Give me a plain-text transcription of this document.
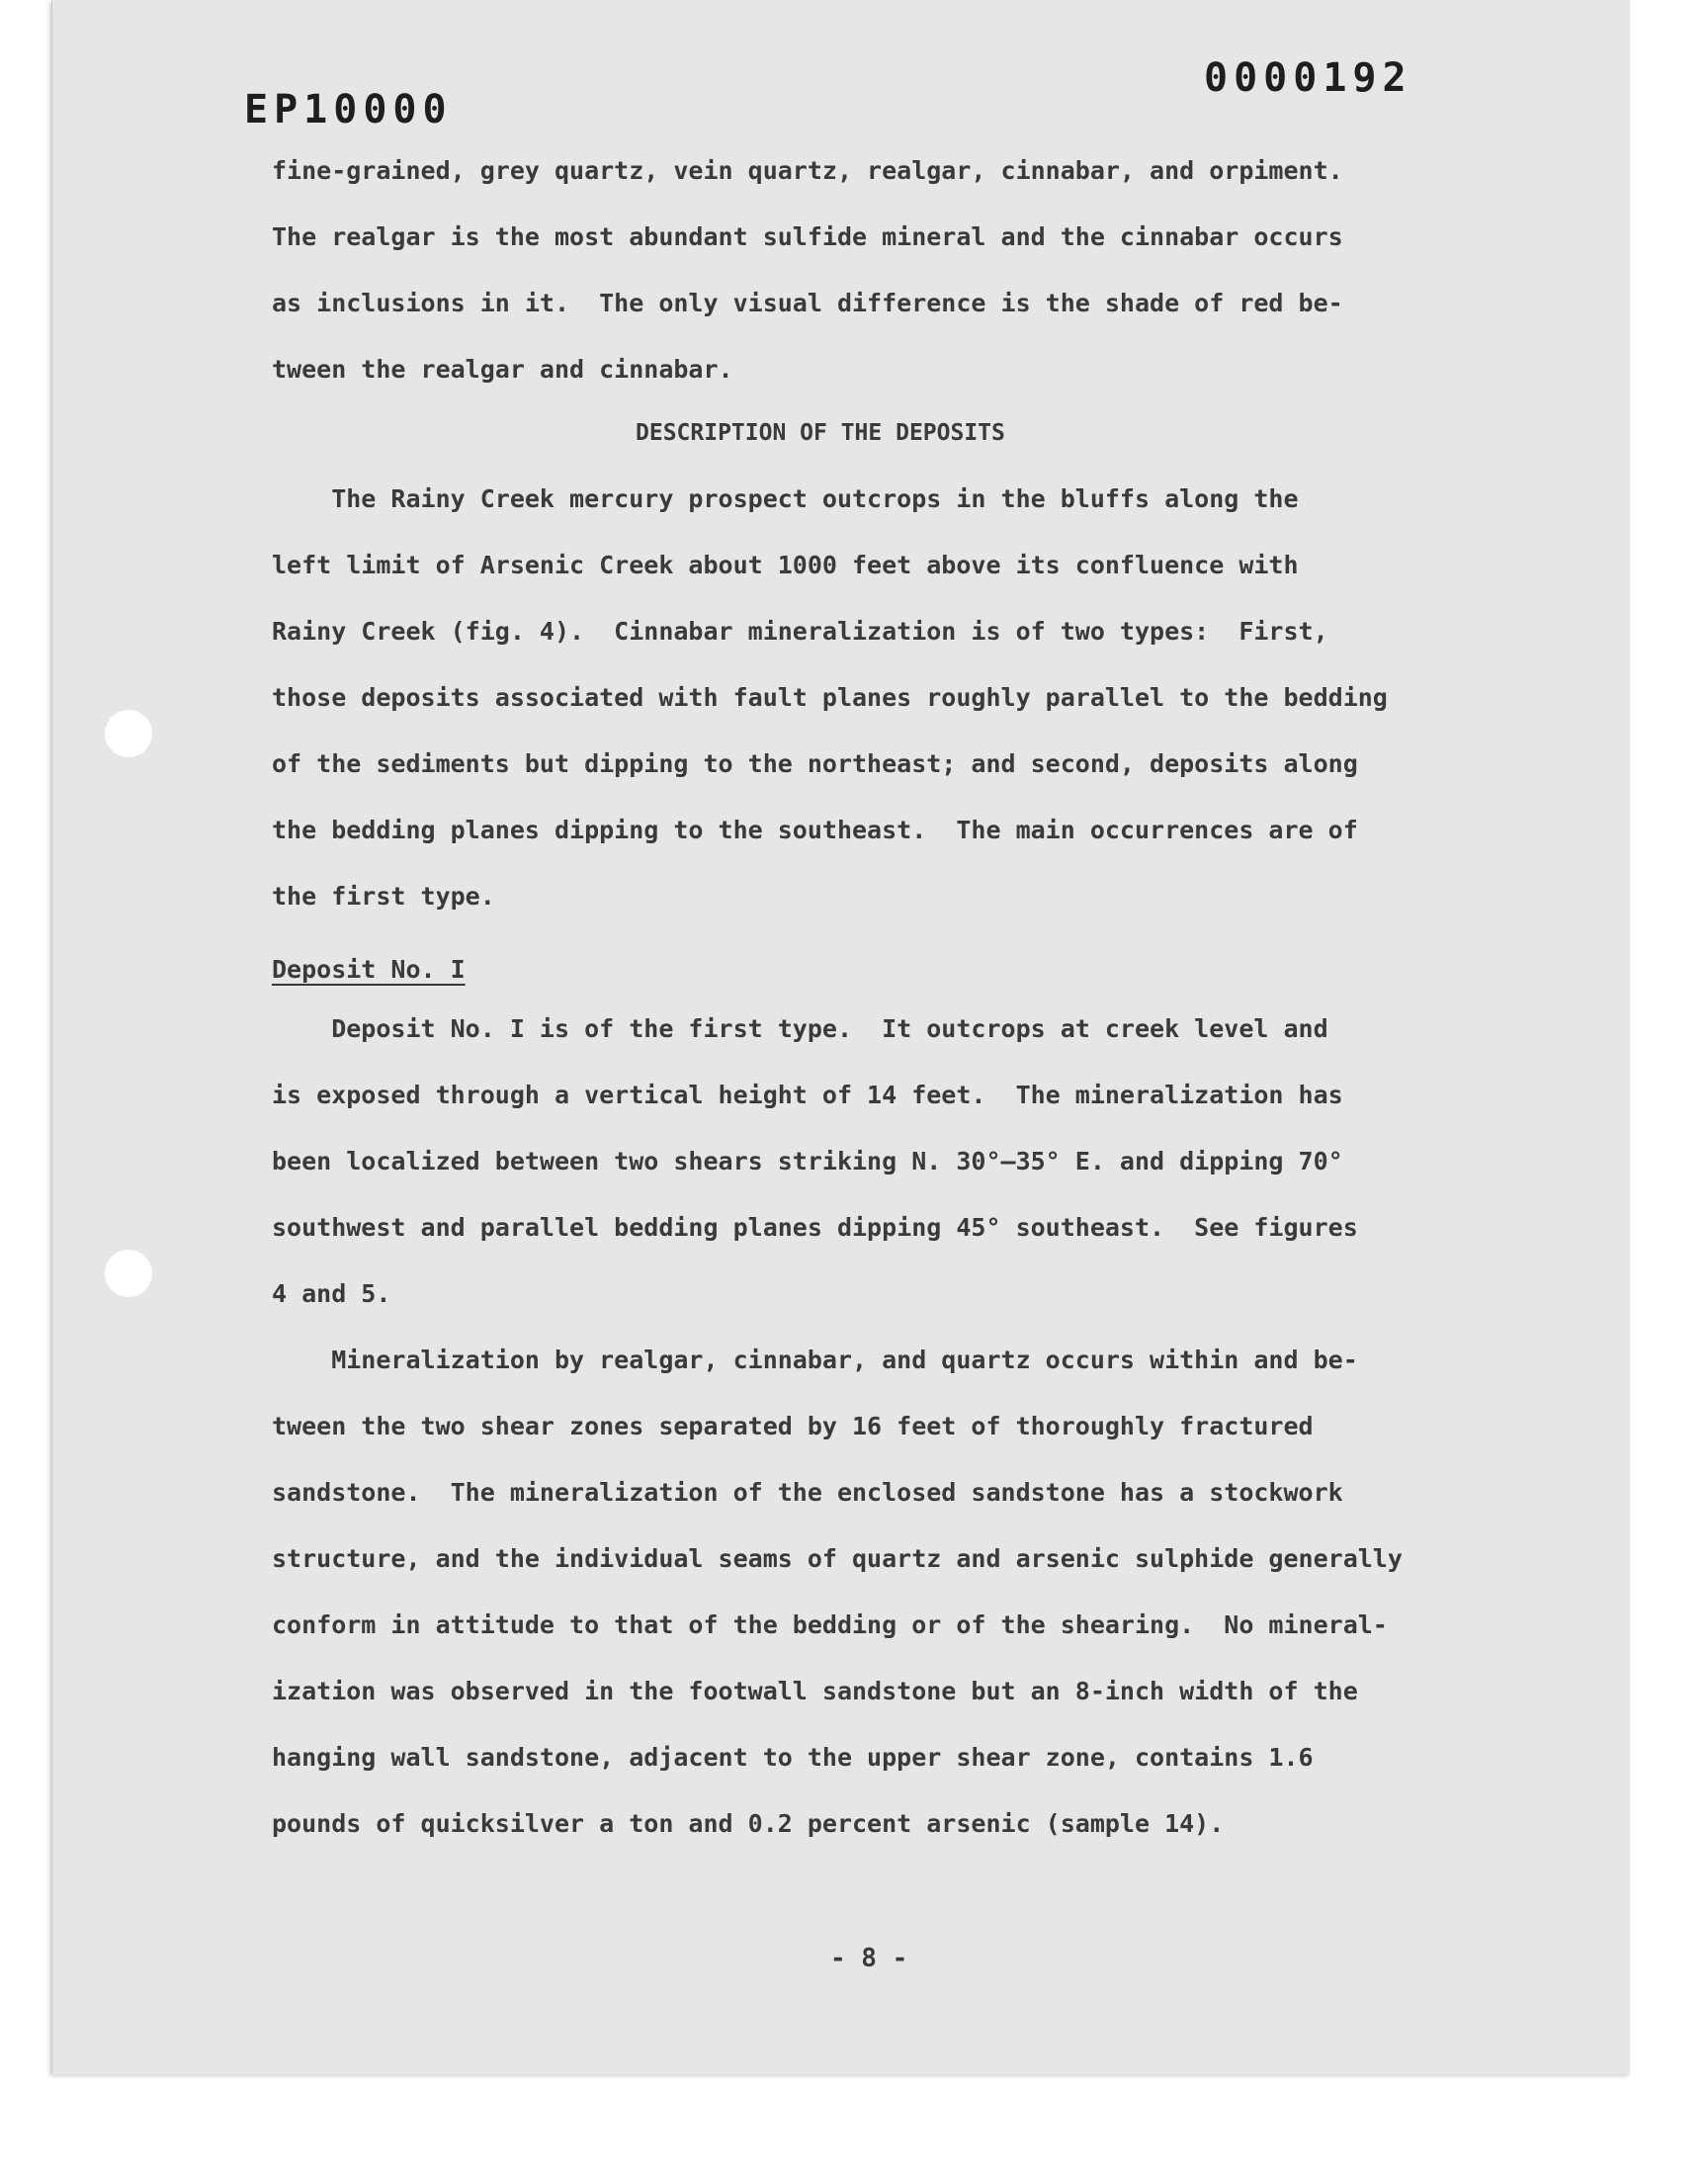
EP10000
0000192
fine-grained, grey quartz, vein quartz, realgar, cinnabar, and orpiment.
The realgar is the most abundant sulfide mineral and the cinnabar occurs
as inclusions in it.  The only visual difference is the shade of red be-
tween the realgar and cinnabar.
DESCRIPTION OF THE DEPOSITS
The Rainy Creek mercury prospect outcrops in the bluffs along the
left limit of Arsenic Creek about 1000 feet above its confluence with
Rainy Creek (fig. 4).  Cinnabar mineralization is of two types:  First,
those deposits associated with fault planes roughly parallel to the bedding
of the sediments but dipping to the northeast; and second, deposits along
the bedding planes dipping to the southeast.  The main occurrences are of
the first type.
Deposit No. I
Deposit No. I is of the first type.  It outcrops at creek level and
is exposed through a vertical height of 14 feet.  The mineralization has
been localized between two shears striking N. 30°—35° E. and dipping 70°
southwest and parallel bedding planes dipping 45° southeast.  See figures
4 and 5.
Mineralization by realgar, cinnabar, and quartz occurs within and be-
tween the two shear zones separated by 16 feet of thoroughly fractured
sandstone.  The mineralization of the enclosed sandstone has a stockwork
structure, and the individual seams of quartz and arsenic sulphide generally
conform in attitude to that of the bedding or of the shearing.  No mineral-
ization was observed in the footwall sandstone but an 8-inch width of the
hanging wall sandstone, adjacent to the upper shear zone, contains 1.6
pounds of quicksilver a ton and 0.2 percent arsenic (sample 14).
- 8 -
